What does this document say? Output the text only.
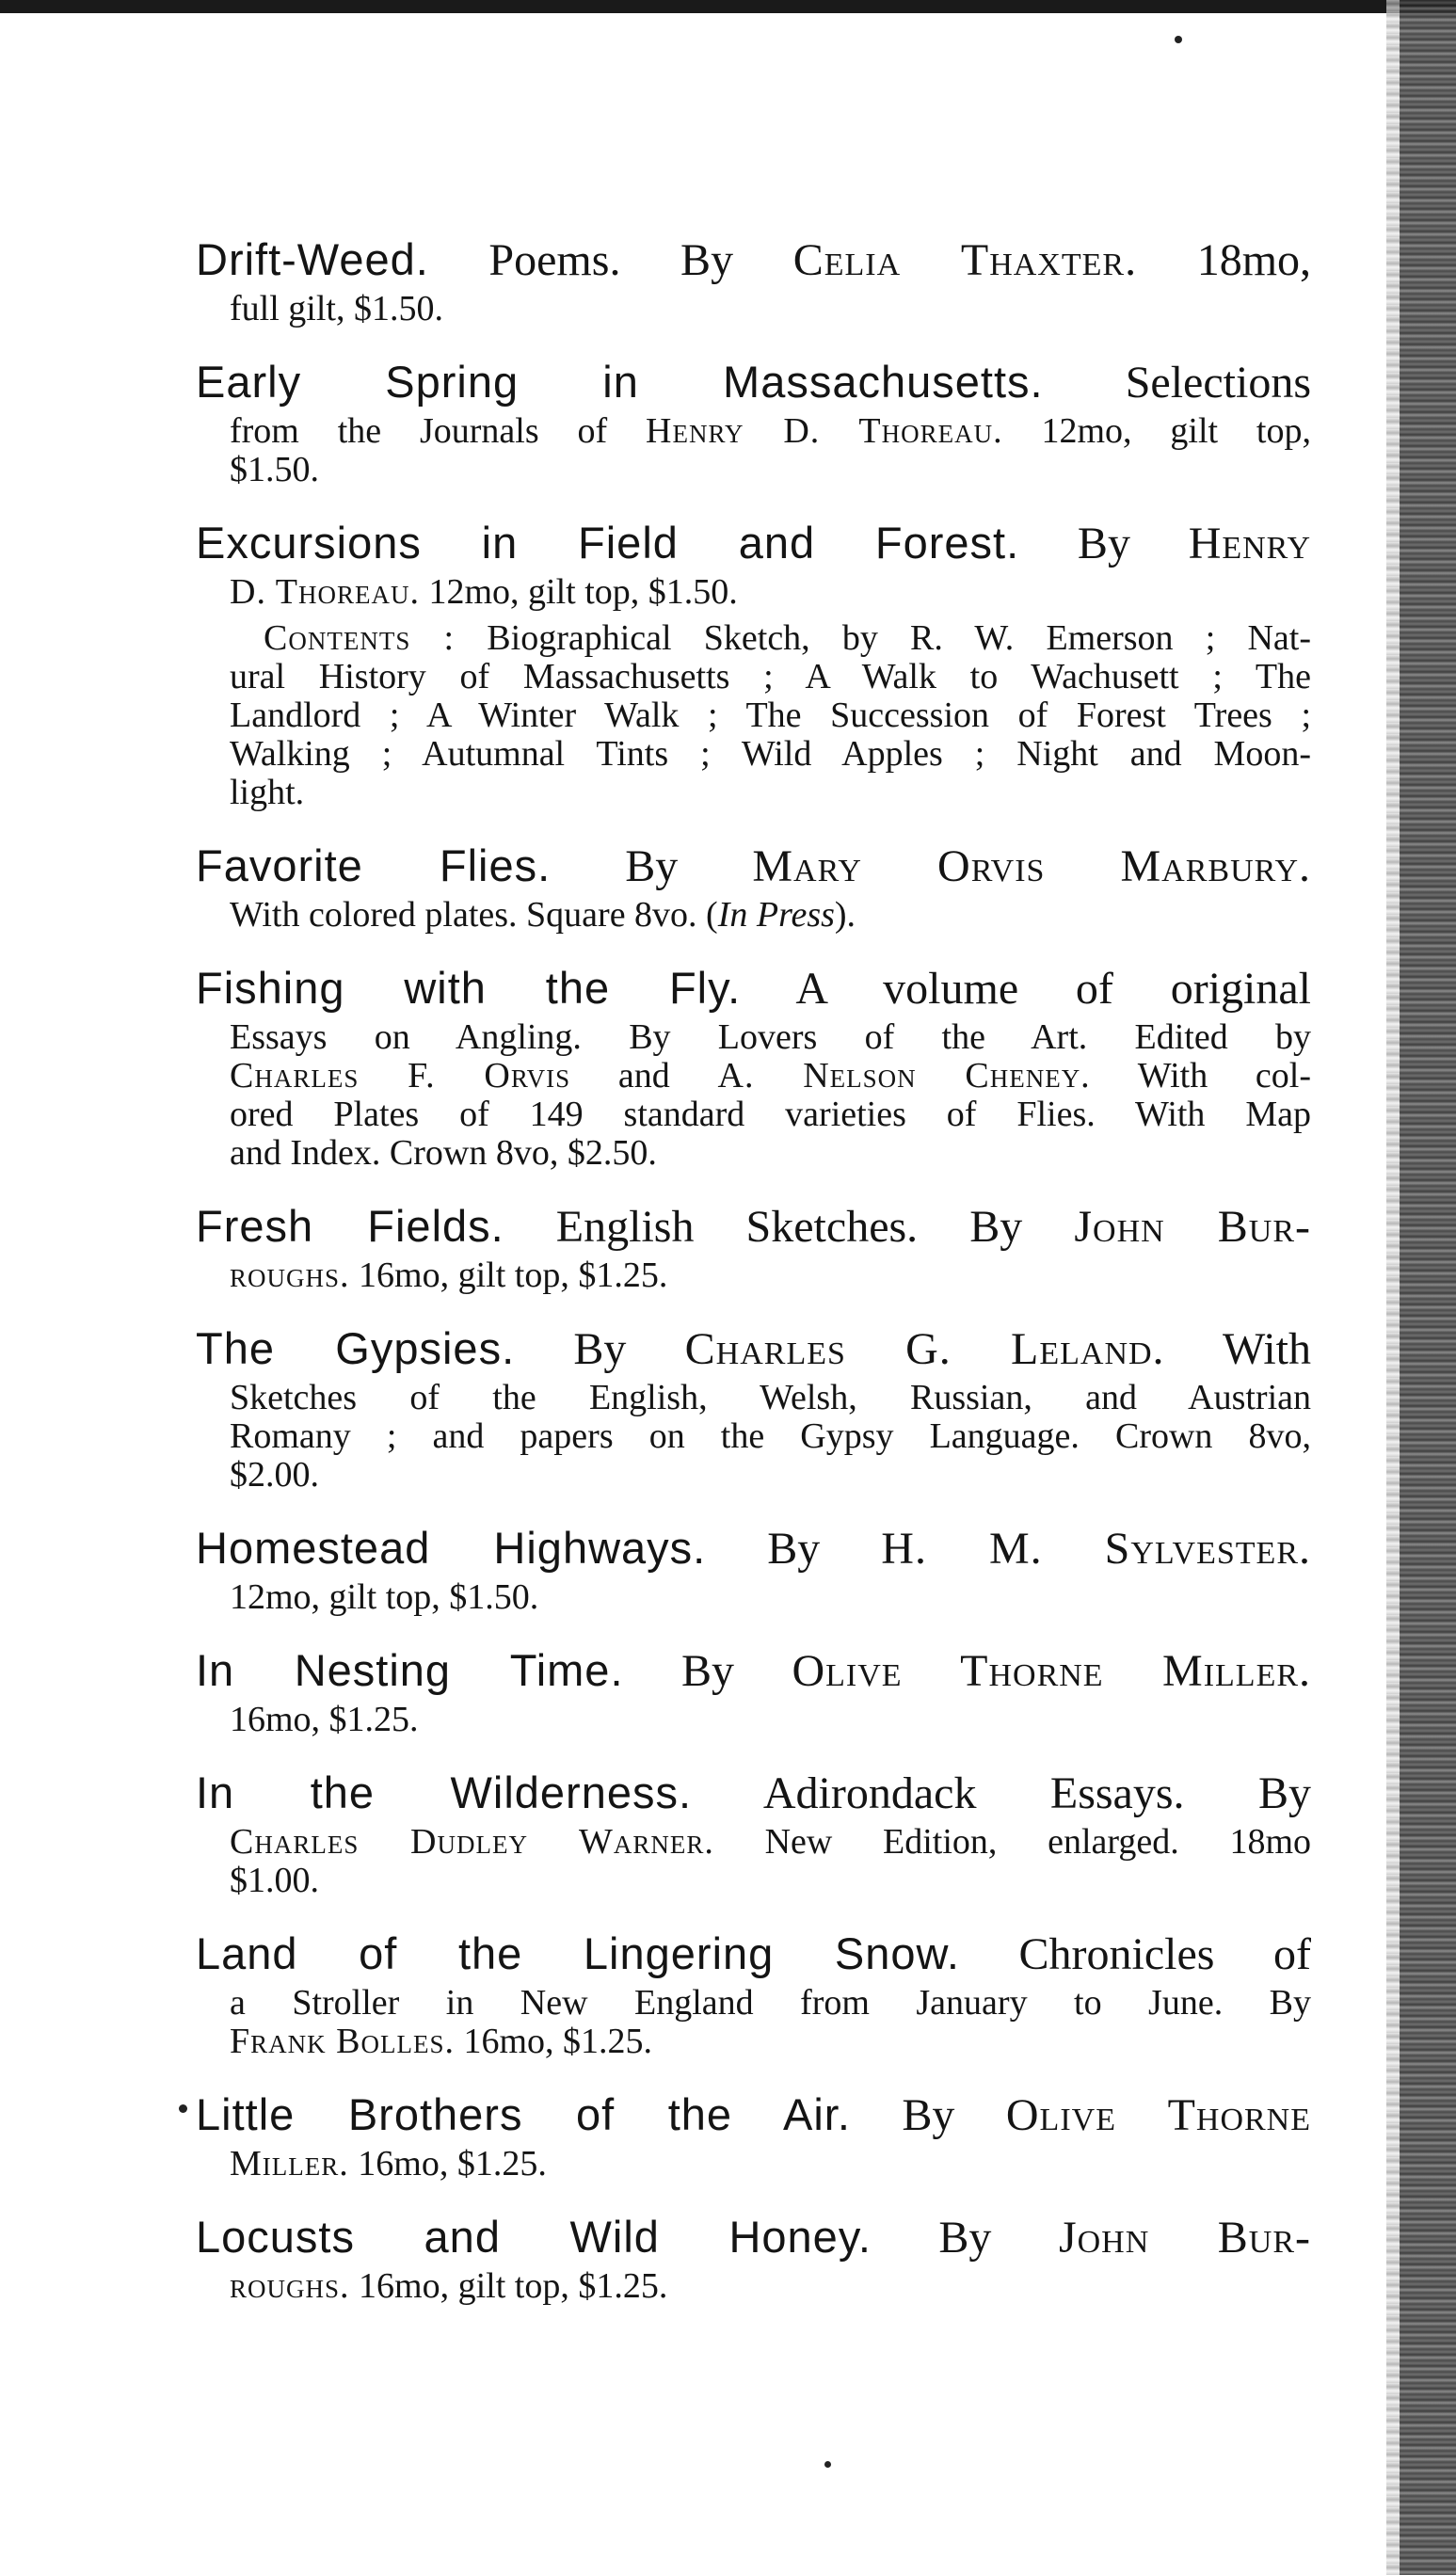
Drift-Weed. Poems. By Celia Thaxter. 18mo,

full gilt, $1.50.

Early Spring in Massachusetts. Selections

from the Journals of Henry D. Thoreau. 12mo, gilt top,

$1.50.

Excursions in Field and Forest. By Henry

D. Thoreau. 12mo, gilt top, $1.50.

Contents : Biographical Sketch, by R. W. Emerson ; Nat-

ural History of Massachusetts ; A Walk to Wachusett ; The

Landlord ; A Winter Walk ; The Succession of Forest Trees ;

Walking ; Autumnal Tints ; Wild Apples ; Night and Moon-

light.

Favorite Flies. By Mary Orvis Marbury.

With colored plates. Square 8vo. (In Press).

Fishing with the Fly. A volume of original

Essays on Angling. By Lovers of the Art. Edited by

Charles F. Orvis and A. Nelson Cheney. With col-

ored Plates of 149 standard varieties of Flies. With Map

and Index. Crown 8vo, $2.50.

Fresh Fields. English Sketches. By John Bur-

roughs. 16mo, gilt top, $1.25.

The Gypsies. By Charles G. Leland. With

Sketches of the English, Welsh, Russian, and Austrian

Romany ; and papers on the Gypsy Language. Crown 8vo,

$2.00.

Homestead Highways. By H. M. Sylvester.

12mo, gilt top, $1.50.

In Nesting Time. By Olive Thorne Miller.

16mo, $1.25.

In the Wilderness. Adirondack Essays. By

Charles Dudley Warner. New Edition, enlarged. 18mo

$1.00.

Land of the Lingering Snow. Chronicles of

a Stroller in New England from January to June. By

Frank Bolles. 16mo, $1.25.

Little Brothers of the Air. By Olive Thorne

Miller. 16mo, $1.25.

Locusts and Wild Honey. By John Bur-

roughs. 16mo, gilt top, $1.25.
